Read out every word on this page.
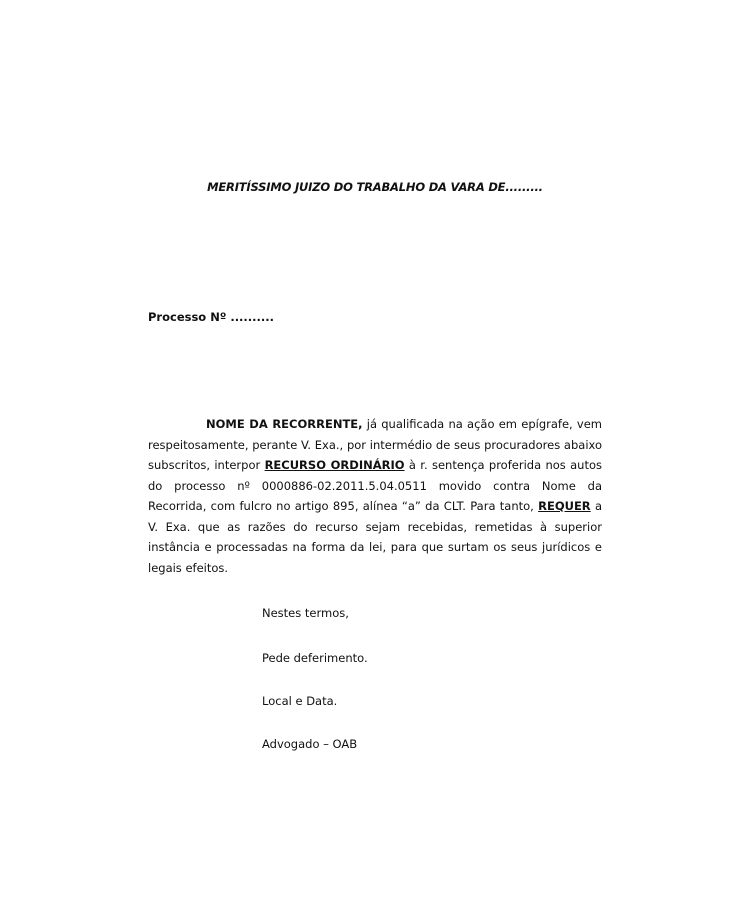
MERITÍSSIMO JUIZO DO TRABALHO DA VARA DE.........
Processo Nº ..........

NOME DA RECORRENTE, já qualificada na ação em epígrafe, vem respeitosamente, perante V. Exa., por intermédio de seus procuradores abaixo subscritos, interpor RECURSO ORDINÁRIO à r. sentença proferida nos autos do processo nº 0000886-02.2011.5.04.0511 movido contra Nome da Recorrida, com fulcro no artigo 895, alínea “a” da CLT. Para tanto, REQUER a V. Exa. que as razões do recurso sejam recebidas, remetidas à superior instância e processadas na forma da lei, para que surtam os seus jurídicos e legais efeitos.

Nestes termos,
Pede deferimento.
Local e Data.
Advogado – OAB
